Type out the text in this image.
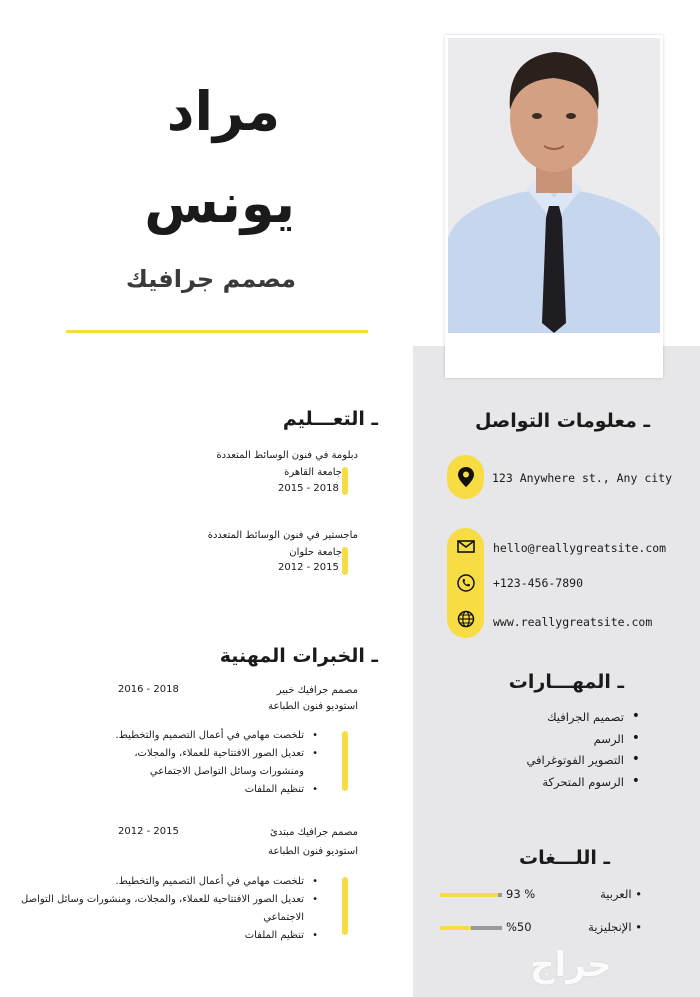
مراد
يونس
مصمم جرافيك
ـ معلومات التواصل
123 Anywhere st., Any city
hello@reallygreatsite.com
+123-456-7890
www.reallygreatsite.com
ـ المهـــارات
• تصميم الجرافيك
• الرسم
• التصوير الفوتوغرافي
• الرسوم المتحركة
ـ اللـــغات
• العربية
93 %
• الإنجليزية
%50
ـ التعـــليم
دبلومة في فنون الوسائط المتعددة
جامعة القاهرة
2015 - 2018
ماجستير في فنون الوسائط المتعددة
جامعة حلوان
2012 - 2015
ـ الخبرات المهنية
مصمم جرافيك خبير
2016 - 2018
استوديو فنون الطباعة
• تلخصت مهامي في أعمال التصميم والتخطيط.
• تعديل الصور الافتتاحية للعملاء، والمجلات، ومنشورات وسائل التواصل الاجتماعي
• تنظيم الملفات
مصمم جرافيك مبتدئ
2012 - 2015
استوديو فنون الطباعة
• تلخصت مهامي في أعمال التصميم والتخطيط.
• تعديل الصور الافتتاحية للعملاء، والمجلات، ومنشورات وسائل التواصل الاجتماعي
• تنظيم الملفات
حراج
